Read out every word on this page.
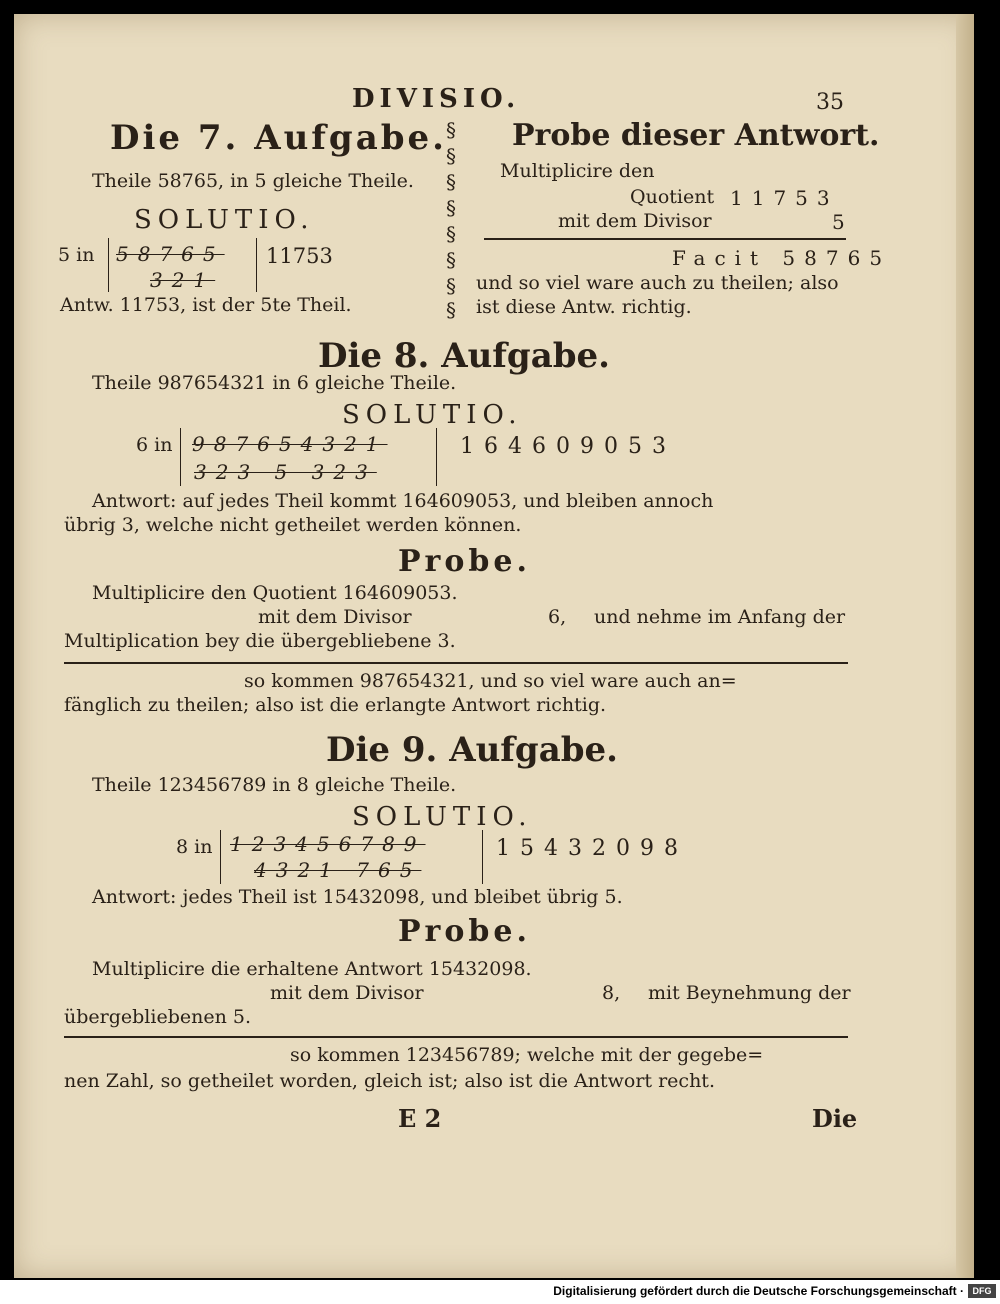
DIVISIO.	35
Die 7. Aufgabe.
Theile 58765, in 5 gleiche Theile.
SOLUTIO.
5 in 58765
321
11753
Antw. 11753, ist der 5te Theil.
§
§
§
§
§
§
§
§
Probe dieser Antwort.
Multiplicire den
Quotient 11753
mit dem Divisor	5
Facit 58765
und so viel ware auch zu theilen; also
ist diese Antw. richtig.
Die 8. Aufgabe.
Theile 987654321 in 6 gleiche Theile.
SOLUTIO.
6 in 987654321
323 5 323
164609053
Antwort: auf jedes Theil kommt 164609053, und bleiben annoch
übrig 3, welche nicht getheilet werden können.
Probe.
Multiplicire den Quotient 164609053.
mit dem Divisor	6, und nehme im Anfang der
Multiplication bey die übergebliebene 3.
so kommen 987654321, und so viel ware auch an=
fänglich zu theilen; also ist die erlangte Antwort richtig.
Die 9. Aufgabe.
Theile 123456789 in 8 gleiche Theile.
SOLUTIO.
8 in 123456789
4321 765
15432098
Antwort: jedes Theil ist 15432098, und bleibet übrig 5.
Probe.
Multiplicire die erhaltene Antwort 15432098.
mit dem Divisor	8, mit Beynehmung der
übergebliebenen 5.
so kommen 123456789; welche mit der gegebe=
nen Zahl, so getheilet worden, gleich ist; also ist die Antwort recht.
E 2	Die
Digitalisierung gefördert durch die Deutsche Forschungsgemeinschaft · DFG
